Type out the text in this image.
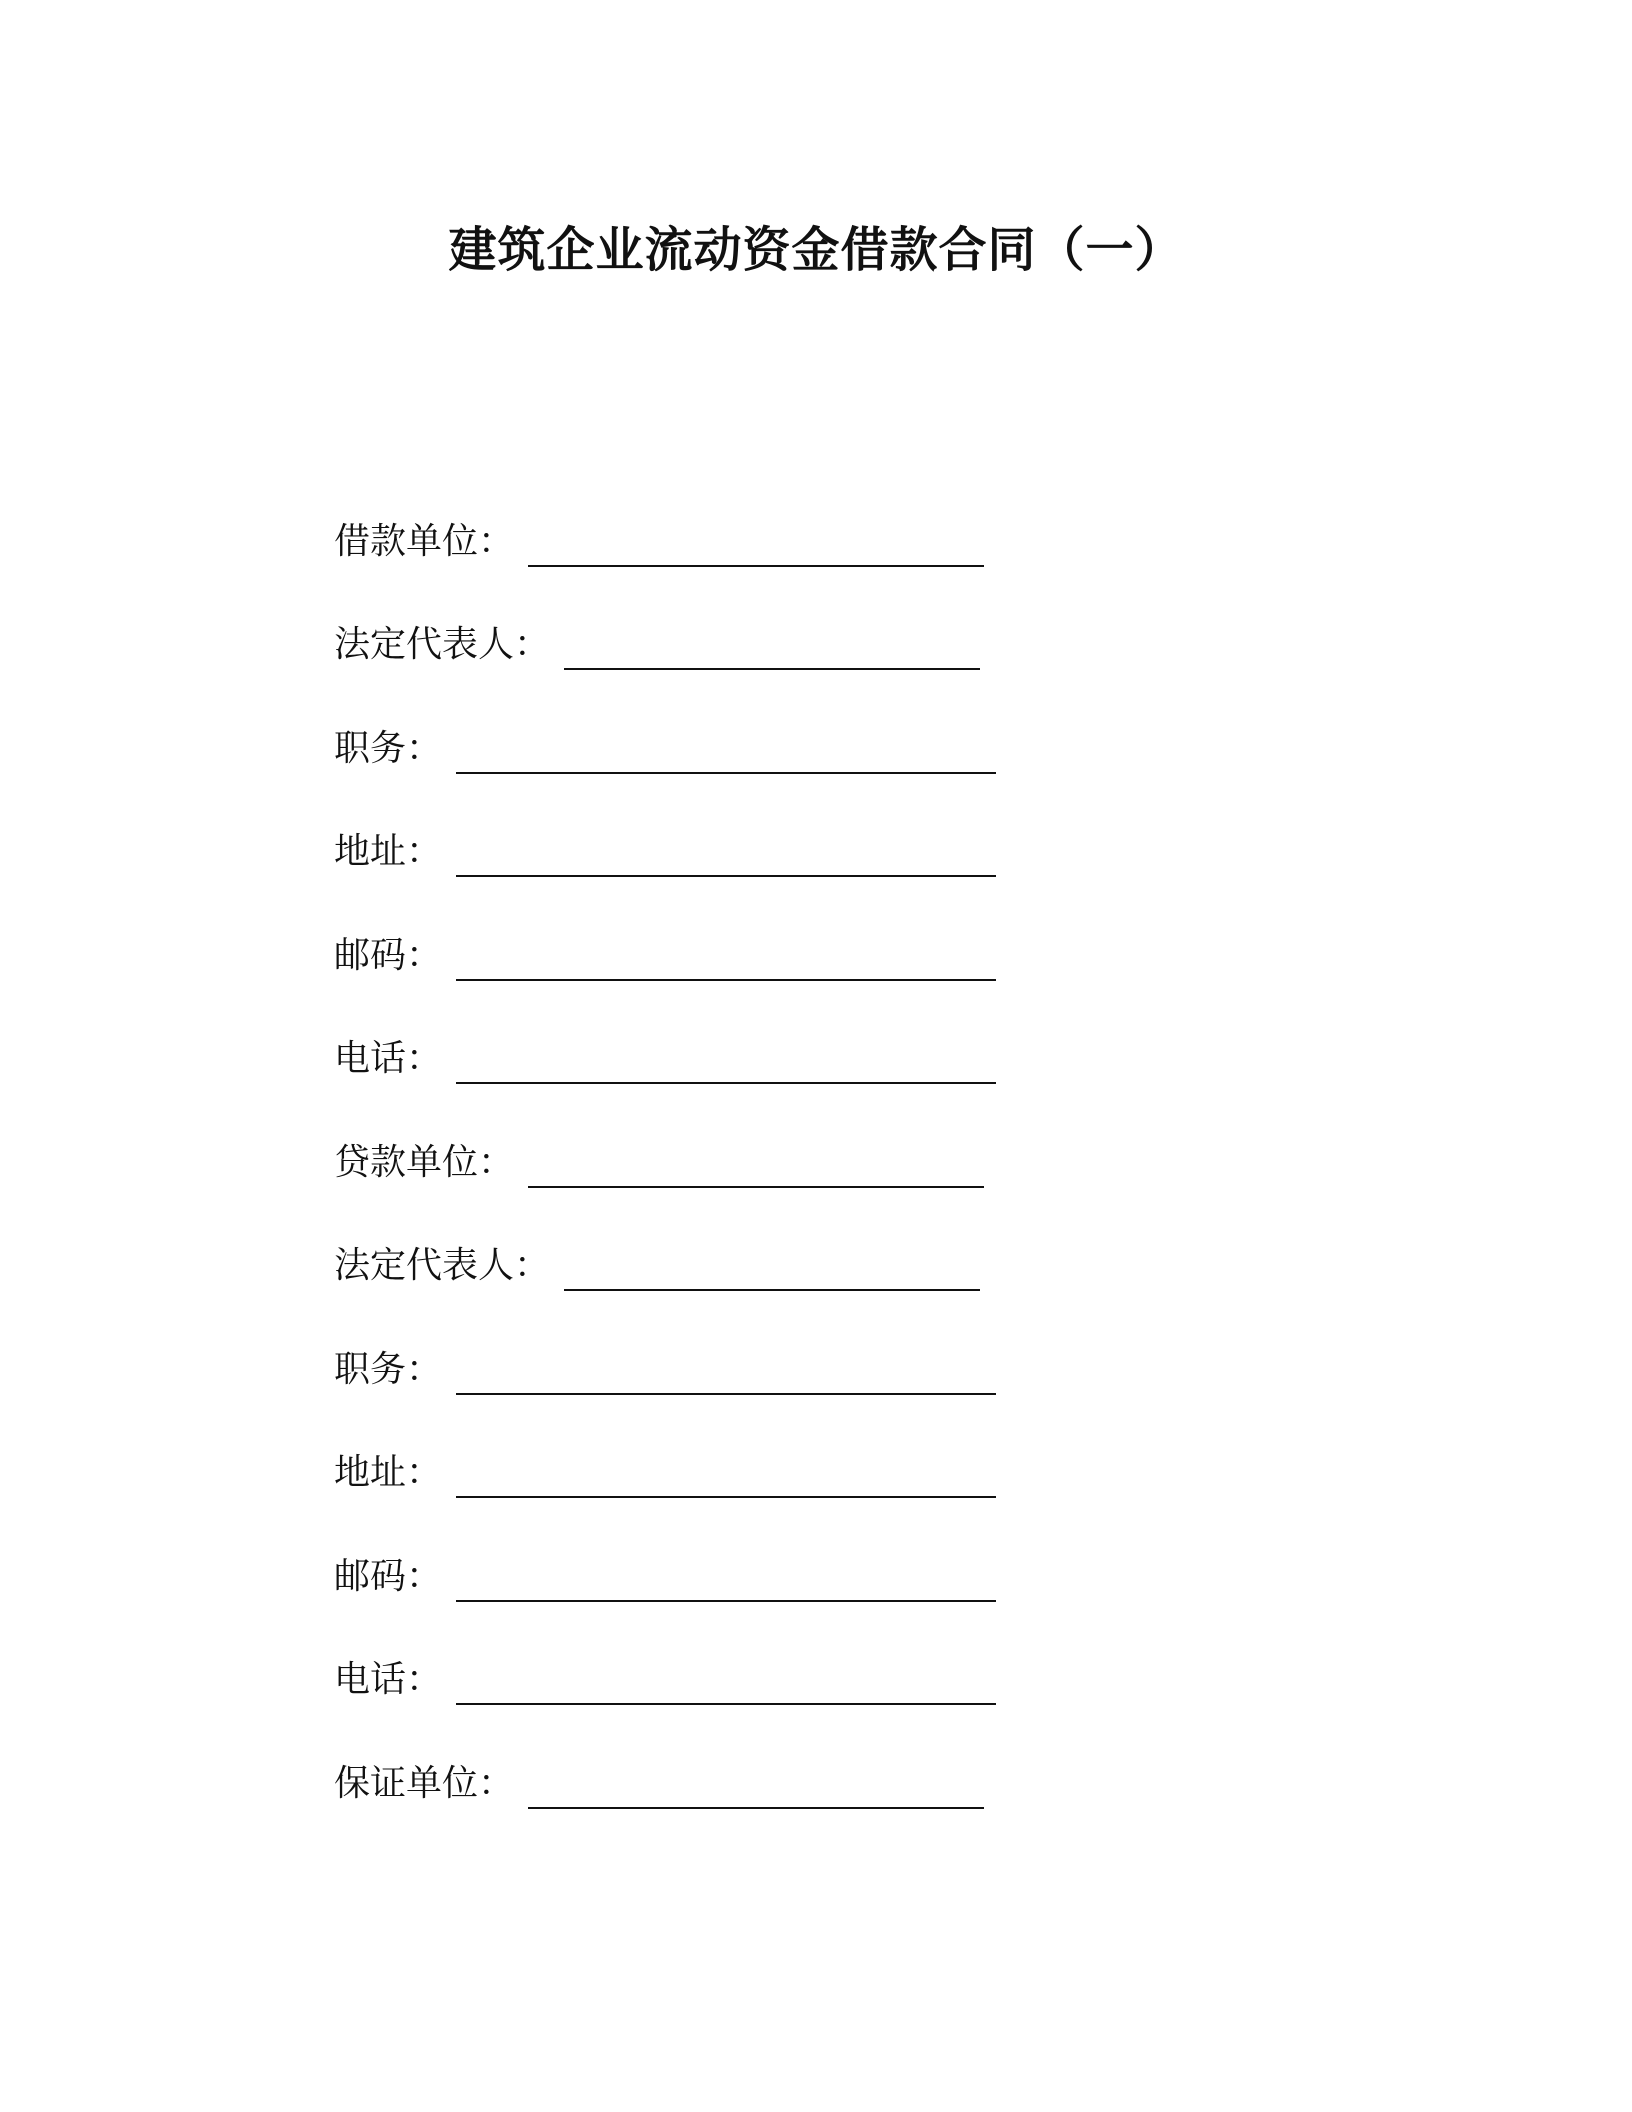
建筑企业流动资金借款合同（一）
借款单位：
法定代表人：
职务：
地址：
邮码：
电话：
贷款单位：
法定代表人：
职务：
地址：
邮码：
电话：
保证单位：
